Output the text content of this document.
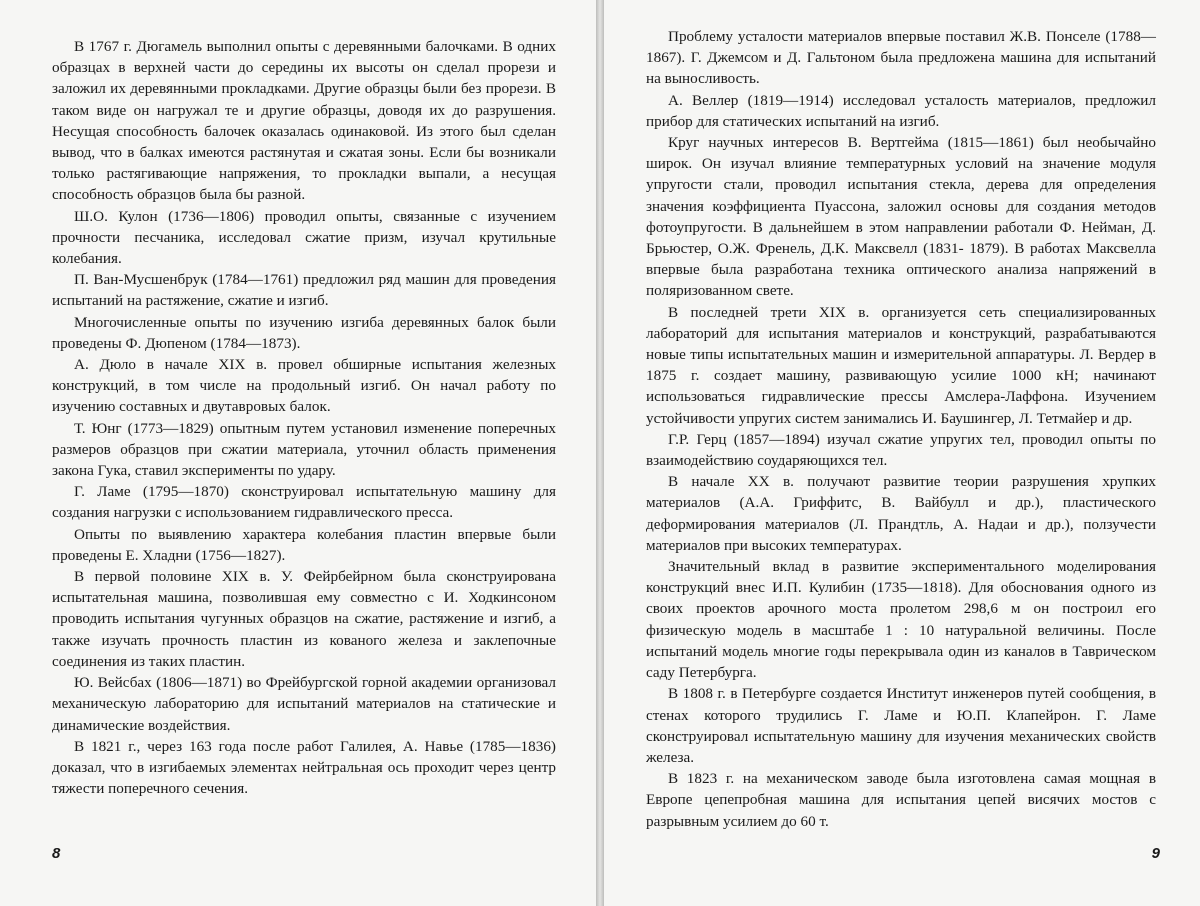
В 1767 г. Дюгамель выполнил опыты с деревянными балочками. В одних образцах в верхней части до середины их высоты он сделал прорези и заложил их деревянными прокладками. Другие образцы были без прорези. В таком виде он нагружал те и другие образцы, доводя их до разрушения. Несущая способность балочек оказалась одинаковой. Из этого был сделан вывод, что в балках имеются растянутая и сжатая зоны. Если бы возникали только растягивающие напряжения, то прокладки выпали, а несущая способность образцов была бы разной.

Ш.О. Кулон (1736—1806) проводил опыты, связанные с изучением прочности песчаника, исследовал сжатие призм, изучал крутильные колебания.

П. Ван-Мусшенбрук (1784—1761) предложил ряд машин для проведения испытаний на растяжение, сжатие и изгиб.

Многочисленные опыты по изучению изгиба деревянных балок были проведены Ф. Дюпеном (1784—1873).

А. Дюло в начале XIX в. провел обширные испытания железных конструкций, в том числе на продольный изгиб. Он начал работу по изучению составных и двутавровых балок.

Т. Юнг (1773—1829) опытным путем установил изменение поперечных размеров образцов при сжатии материала, уточнил область применения закона Гука, ставил эксперименты по удару.

Г. Ламе (1795—1870) сконструировал испытательную машину для создания нагрузки с использованием гидравлического пресса.

Опыты по выявлению характера колебания пластин впервые были проведены Е. Хладни (1756—1827).

В первой половине XIX в. У. Фейрбейрном была сконструирована испытательная машина, позволившая ему совместно с И. Ходкинсоном проводить испытания чугунных образцов на сжатие, растяжение и изгиб, а также изучать прочность пластин из кованого железа и заклепочные соединения из таких пластин.

Ю. Вейсбах (1806—1871) во Фрейбургской горной академии организовал механическую лабораторию для испытаний материалов на статические и динамические воздействия.

В 1821 г., через 163 года после работ Галилея, А. Навье (1785—1836) доказал, что в изгибаемых элементах нейтральная ось проходит через центр тяжести поперечного сечения.

8

Проблему усталости материалов впервые поставил Ж.В. Понселе (1788—1867). Г. Джемсом и Д. Гальтоном была предложена машина для испытаний на выносливость.

А. Веллер (1819—1914) исследовал усталость материалов, предложил прибор для статических испытаний на изгиб.

Круг научных интересов В. Вертгейма (1815—1861) был необычайно широк. Он изучал влияние температурных условий на значение модуля упругости стали, проводил испытания стекла, дерева для определения значения коэффициента Пуассона, заложил основы для создания методов фотоупругости. В дальнейшем в этом направлении работали Ф. Нейман, Д. Брьюстер, О.Ж. Френель, Д.К. Максвелл (1831- 1879). В работах Максвелла впервые была разработана техника оптического анализа напряжений в поляризованном свете.

В последней трети XIX в. организуется сеть специализированных лабораторий для испытания материалов и конструкций, разрабатываются новые типы испытательных машин и измерительной аппаратуры. Л. Вердер в 1875 г. создает машину, развивающую усилие 1000 кН; начинают использоваться гидравлические прессы Амслера-Лаффона. Изучением устойчивости упругих систем занимались И. Баушингер, Л. Тетмайер и др.

Г.Р. Герц (1857—1894) изучал сжатие упругих тел, проводил опыты по взаимодействию соударяющихся тел.

В начале XX в. получают развитие теории разрушения хрупких материалов (А.А. Гриффитс, В. Вайбулл и др.), пластического деформирования материалов (Л. Прандтль, А. Надаи и др.), ползучести материалов при высоких температурах.

Значительный вклад в развитие экспериментального моделирования конструкций внес И.П. Кулибин (1735—1818). Для обоснования одного из своих проектов арочного моста пролетом 298,6 м он построил его физическую модель в масштабе 1 : 10 натуральной величины. После испытаний модель многие годы перекрывала один из каналов в Таврическом саду Петербурга.

В 1808 г. в Петербурге создается Институт инженеров путей сообщения, в стенах которого трудились Г. Ламе и Ю.П. Клапейрон. Г. Ламе сконструировал испытательную машину для изучения механических свойств железа.

В 1823 г. на механическом заводе была изготовлена самая мощная в Европе цепепробная машина для испытания цепей висячих мостов с разрывным усилием до 60 т.

9
